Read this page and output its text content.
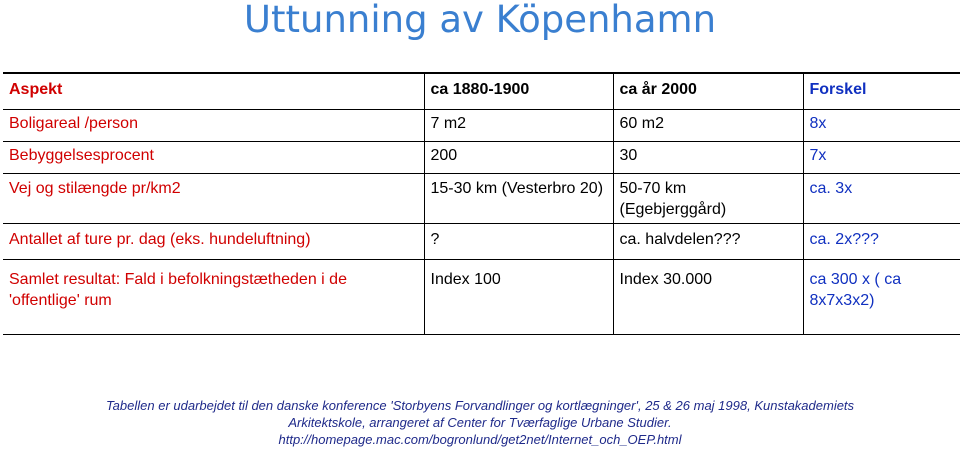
Uttunning av Köpenhamn
Aspekt	ca 1880-1900	ca år 2000	Forskel
Boligareal /person	7 m2	60 m2	8x
Bebyggelsesprocent	200	30	7x
Vej og stilængde pr/km2	15-30 km (Vesterbro 20)	50-70 km (Egebjerggård)	ca. 3x
Antallet af ture pr. dag (eks. hundeluftning)	?	ca. halvdelen???	ca. 2x???
Samlet resultat: Fald i befolkningstætheden i de 'offentlige' rum	Index 100	Index 30.000	ca 300 x ( ca 8x7x3x2)
Tabellen er udarbejdet til den danske konference 'Storbyens Forvandlinger og kortlægninger', 25 & 26 maj 1998, Kunstakademiets
Arkitektskole, arrangeret af Center for Tværfaglige Urbane Studier.
http://homepage.mac.com/bogronlund/get2net/Internet_och_OEP.html
